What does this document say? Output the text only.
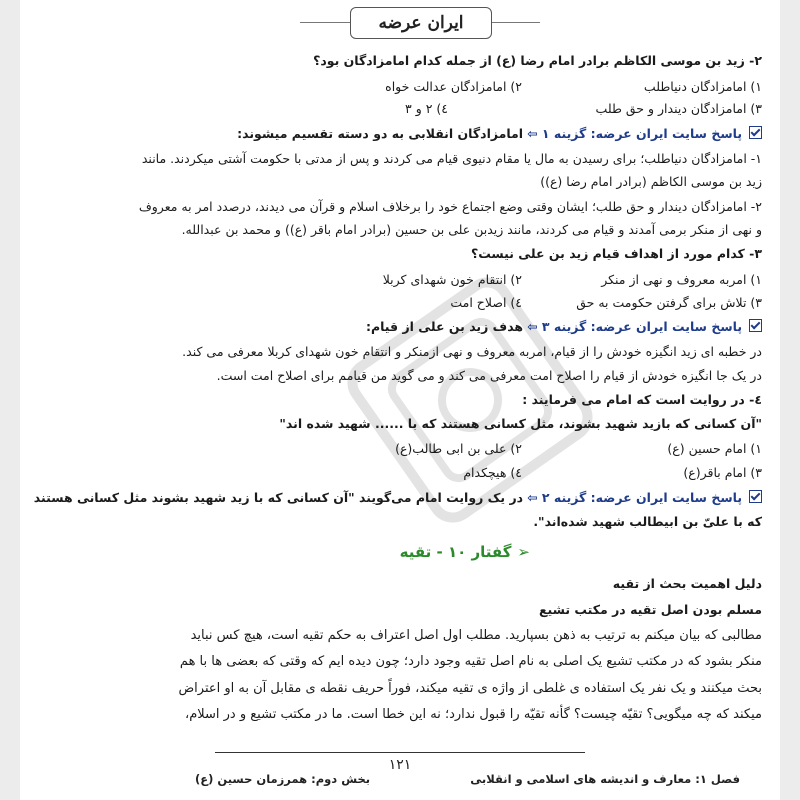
ایران عرضه
۲- زید بن موسی الکاظم برادر امام رضا (ع) از جمله کدام امامزادگان بود؟
۱) امامزادگان دنیاطلب
۲) امامزادگان عدالت خواه
۳) امامزادگان دیندار و حق طلب
٤) ۲ و ۳
پاسخ سایت ایران عرضه: گزینه ۱ ⇦ امامزادگان انقلابی به دو دسته تقسیم میشوند:
۱- امامزادگان دنیاطلب؛ برای رسیدن به مال یا مقام دنیوی قیام می کردند و پس از مدتی با حکومت آشتی میکردند. مانند
زید بن موسی الکاظم (برادر امام رضا (ع))
۲- امامزادگان دیندار و حق طلب؛ ایشان وقتی وضع اجتماع خود را برخلاف اسلام و قرآن می دیدند، درصدد امر به معروف
و نهی از منکر برمی آمدند و قیام می کردند، مانند زیدبن علی بن حسین (برادر امام باقر (ع)) و محمد بن عبدالله.
۳- کدام مورد از اهداف قیام زید بن علی نیست؟
۱) امربه معروف و نهی از منکر
۲) انتقام خون شهدای کربلا
۳) تلاش برای گرفتن حکومت به حق
٤) اصلاح امت
پاسخ سایت ایران عرضه: گزینه ۳ ⇦ هدف زید بن علی از قیام:
در خطبه ای زید انگیزه خودش را از قیام، امربه معروف و نهی ازمنکر و انتقام خون شهدای کربلا معرفی می کند.
در یک جا انگیزه خودش از قیام را اصلاح امت معرفی می کند و می گوید من قیامم برای اصلاح امت است.
٤- در روایت است که امام می فرمایند :
"آن کسانی که بازید شهید بشوند، مثل کسانی هستند که با ...... شهید شده اند"
۱) امام حسین (ع)
۲) علی بن ابی طالب(ع)
۳) امام باقر(ع)
٤) هیچکدام
پاسخ سایت ایران عرضه: گزینه ۲ ⇦ در یک روایت امام می‌گویند "آن کسانی که با زید شهید بشوند مثل کسانی هستند
که با علیّ بن ابیطالب شهید شده‌اند".
➢گفتار ۱۰ - تقیه
دلیل اهمیت بحث از تقیه
مسلم بودن اصل تقیه در مکتب تشیع
مطالبی که بیان میکنم به ترتیب به ذهن بسپارید. مطلب اول اصل اعتراف به حکم تقیه است، هیچ کس نباید
منکر بشود که در مکتب تشیع یک اصلی به نام اصل تقیه وجود دارد؛ چون دیده ایم که وقتی که بعضی ها با هم
بحث میکنند و یک نفر یک استفاده ی غلطی از واژه ی تقیه میکند، فوراً حریف نقطه ی مقابل آن به او اعتراض
میکند که چه میگویی؟ تقیّه چیست؟ گأنه تقیّه را قبول ندارد؛ نه این خطا است. ما در مکتب تشیع و در اسلام،
۱۲۱
فصل ۱: معارف و اندیشه های اسلامی و انقلابی
بخش دوم: همرزمان حسین (ع)
